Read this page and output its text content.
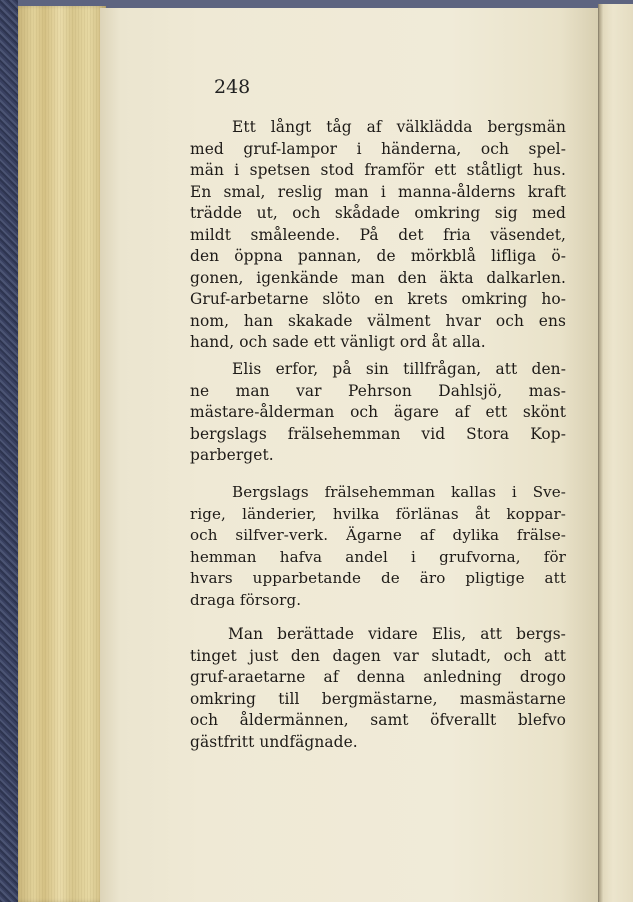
248

Ett långt tåg af välklädda bergsmän
med gruf-lampor i händerna, och spel-
män i spetsen stod framför ett ståtligt hus.
En smal, reslig man i manna-ålderns kraft
trädde ut, och skådade omkring sig med
mildt småleende. På det fria väsendet,
den öppna pannan, de mörkblå lifliga ö-
gonen, igenkände man den äkta dalkarlen.
Gruf-arbetarne slöto en krets omkring ho-
nom, han skakade välment hvar och ens
hand, och sade ett vänligt ord åt alla.

Elis erfor, på sin tillfrågan, att den-
ne man var Pehrson Dahlsjö, mas-
mästare-ålderman och ägare af ett skönt
bergslags frälsehemman vid Stora Kop-
parberget.

Bergslags frälsehemman kallas i Sve-
rige, länderier, hvilka förlänas åt koppar-
och silfver-verk. Ägarne af dylika frälse-
hemman hafva andel i grufvorna, för
hvars upparbetande de äro pligtige att
draga försorg.

Man berättade vidare Elis, att bergs-
tinget just den dagen var slutadt, och att
gruf-araetarne af denna anledning drogo
omkring till bergmästarne, masmästarne
och åldermännen, samt öfverallt blefvo
gästfritt undfägnade.
